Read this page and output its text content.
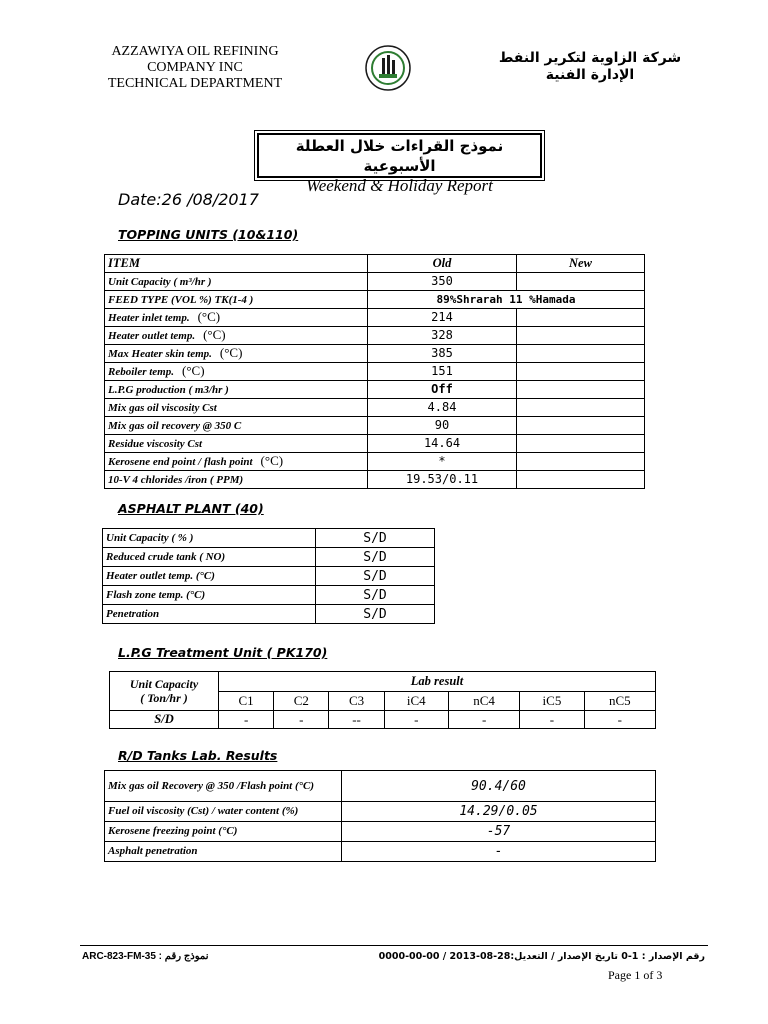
AZZAWIYA OIL REFINING
COMPANY INC
TECHNICAL DEPARTMENT
شركة الزاوية لتكرير النفط
الإدارة الفنية
نموذج القراءات خلال العطلة الأسبوعية
Weekend & Holiday Report
Date:26 /08/2017
TOPPING UNITS (10&110)
ITEM	Old	New
Unit Capacity ( m³/hr )	350	
FEED TYPE (VOL %) TK(1-4 )	89%Shrarah 11 %Hamada	
Heater inlet temp. (°C)	214	
Heater outlet temp. (°C)	328	
Max Heater skin temp. (°C)	385	
Reboiler temp. (°C)	151	
L.P.G production ( m3/hr )	Off	
Mix gas oil viscosity Cst	4.84	
Mix gas oil recovery @ 350 C	90	
Residue viscosity Cst	14.64	
Kerosene end point / flash point (°C)	*	
10-V 4 chlorides /iron ( PPM)	19.53/0.11	
ASPHALT PLANT (40)
Unit Capacity ( % )	S/D
Reduced crude tank ( NO)	S/D
Heater outlet temp. (°C)	S/D
Flash zone temp. (°C)	S/D
Penetration	S/D
L.P.G Treatment Unit ( PK170)
Unit Capacity
( Ton/hr )	Lab result						
	C1	C2	C3	iC4	nC4	iC5	nC5
S/D	-	-	--	-	-	-	-
R/D Tanks Lab. Results
Mix gas oil Recovery @ 350 /Flash point (°C)	90.4/60
Fuel oil viscosity (Cst) / water content (%)	14.29/0.05
Kerosene freezing point (°C)	-57
Asphalt penetration	-
ARC-823-FM-35 : نموذج رقم	رقم الإصدار : 1-0 تاريخ الإصدار / التعديل:28-08-2013 / 00-00-0000
Page 1 of 3
